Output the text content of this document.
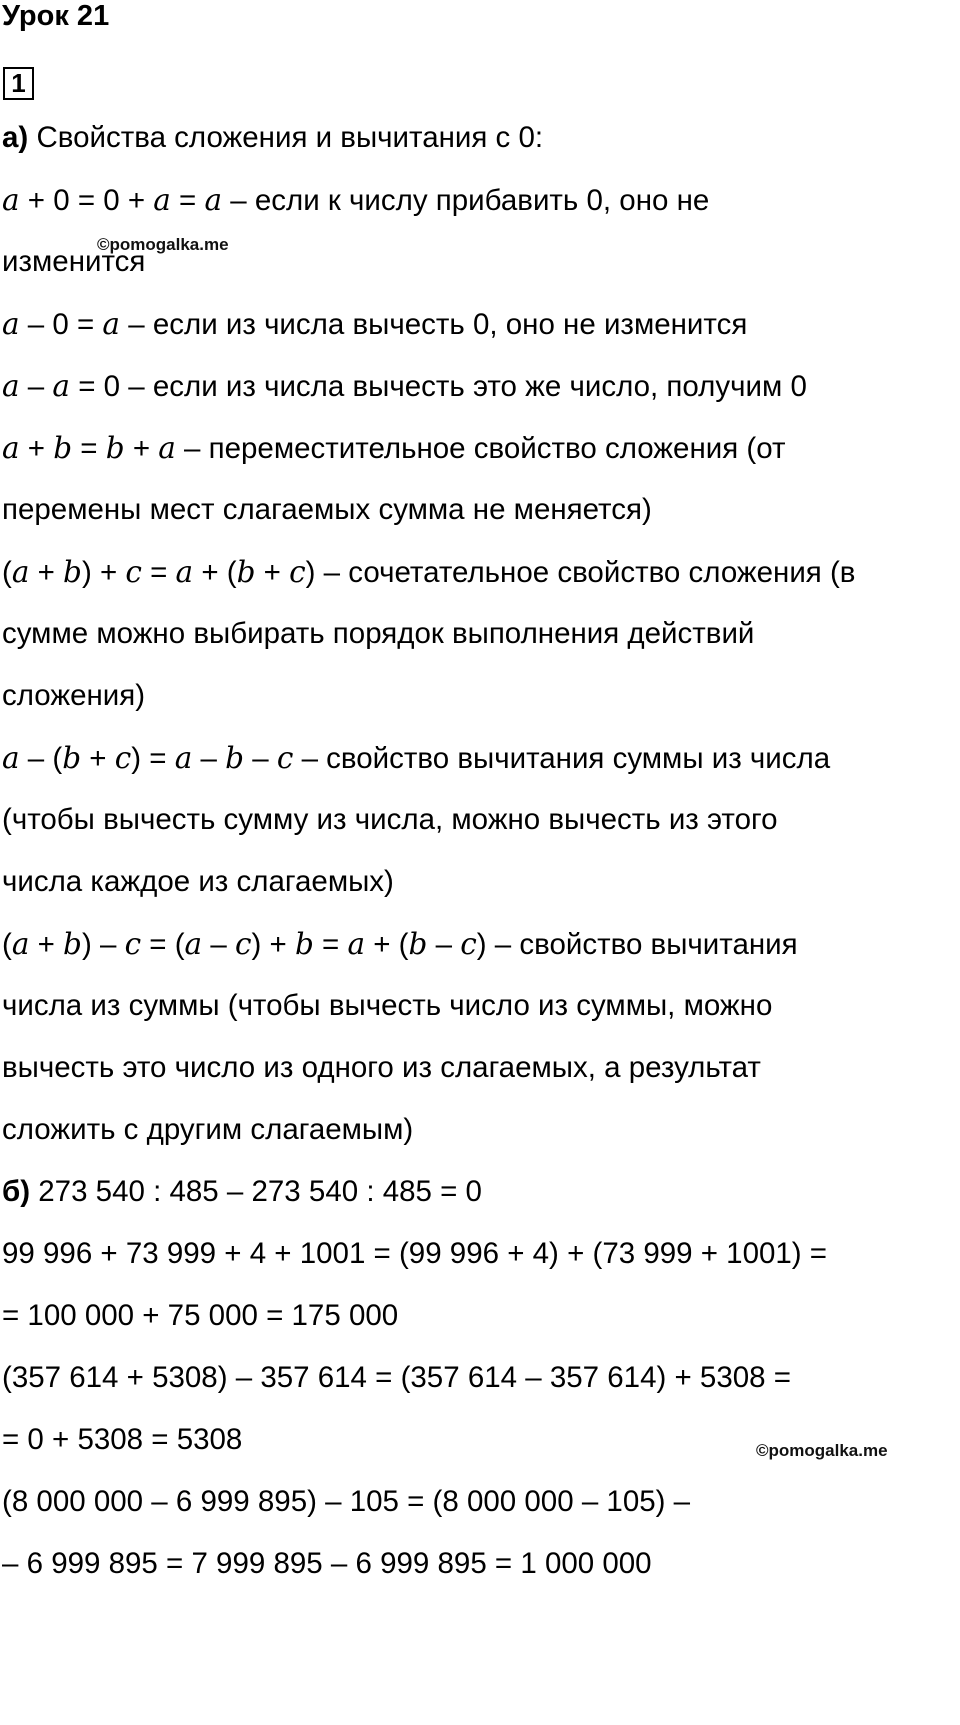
Урок 21
1
а) Свойства сложения и вычитания с 0:
a + 0 = 0 + a = a – если к числу прибавить 0, оно не
изменится
©pomogalka.me
a – 0 = a – если из числа вычесть 0, оно не изменится
a – a = 0 – если из числа вычесть это же число, получим 0
a + b = b + a – переместительное свойство сложения (от
перемены мест слагаемых сумма не меняется)
(a + b) + c = a + (b + c) – сочетательное свойство сложения (в
сумме можно выбирать порядок выполнения действий
сложения)
a – (b + c) = a – b – c – свойство вычитания суммы из числа
(чтобы вычесть сумму из числа, можно вычесть из этого
числа каждое из слагаемых)
(a + b) – c = (a – c) + b = a + (b – c) – свойство вычитания
числа из суммы (чтобы вычесть число из суммы, можно
вычесть это число из одного из слагаемых, а результат
сложить с другим слагаемым)
б) 273 540 : 485 – 273 540 : 485 = 0
99 996 + 73 999 + 4 + 1001 = (99 996 + 4) + (73 999 + 1001) =
= 100 000 + 75 000 = 175 000
(357 614 + 5308) – 357 614 = (357 614 – 357 614) + 5308 =
= 0 + 5308 = 5308	©pomogalka.me
(8 000 000 – 6 999 895) – 105 = (8 000 000 – 105) –
– 6 999 895 = 7 999 895 – 6 999 895 = 1 000 000
